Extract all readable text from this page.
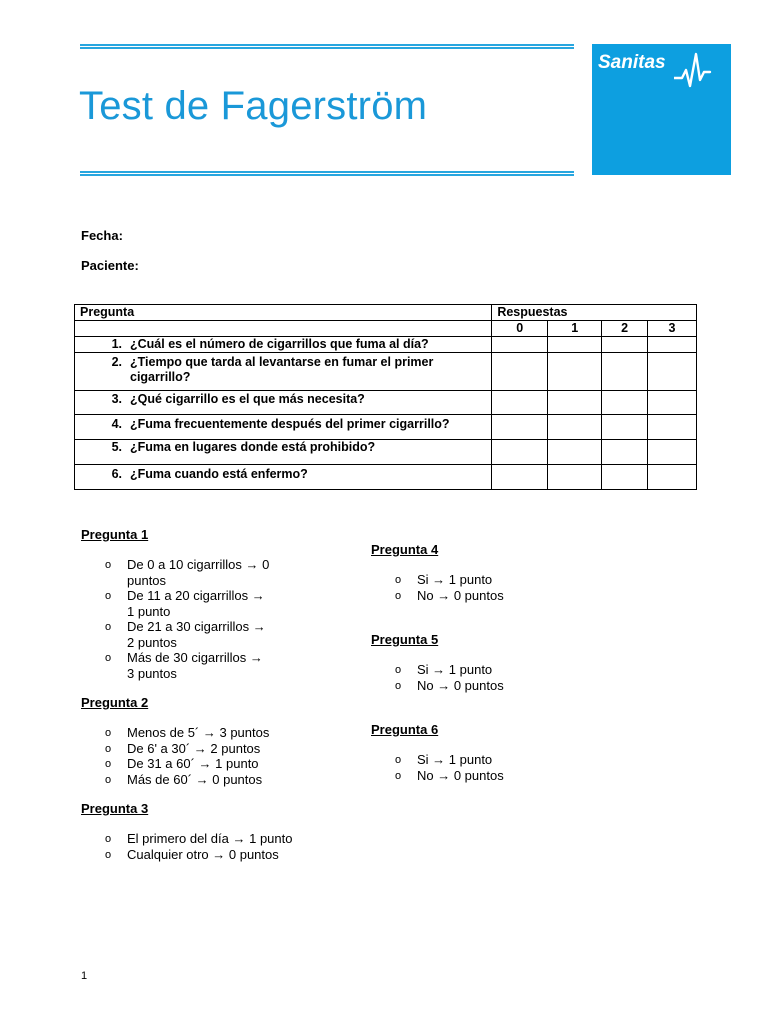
Test de Fagerström
Sanitas
Fecha:
Paciente:
Pregunta	Respuestas			
	0	1	2	3

1. ¿Cuál es el número de cigarrillos que fuma al día?				

2. ¿Tiempo que tarda al levantarse en fumar el primer cigarrillo?				

3. ¿Qué cigarrillo es el que más necesita?				

4. ¿Fuma frecuentemente después del primer cigarrillo?				

5. ¿Fuma en lugares donde está prohibido?				

6. ¿Fuma cuando está enfermo?				

Pregunta 1

o De 0 a 10 cigarrillos → 0 puntos
o De 11 a 20 cigarrillos → 1 punto
o De 21 a 30 cigarrillos → 2 puntos
o Más de 30 cigarrillos → 3 puntos

Pregunta 2

o Menos de 5´ → 3 puntos
o De 6' a 30´ → 2 puntos
o De 31 a 60´ → 1 punto
o Más de 60´ → 0 puntos

Pregunta 3

o El primero del día → 1 punto
o Cualquier otro → 0 puntos

Pregunta 4

o Si → 1 punto
o No → 0 puntos

Pregunta 5

o Si → 1 punto
o No → 0 puntos

Pregunta 6

o Si → 1 punto
o No → 0 puntos
1
